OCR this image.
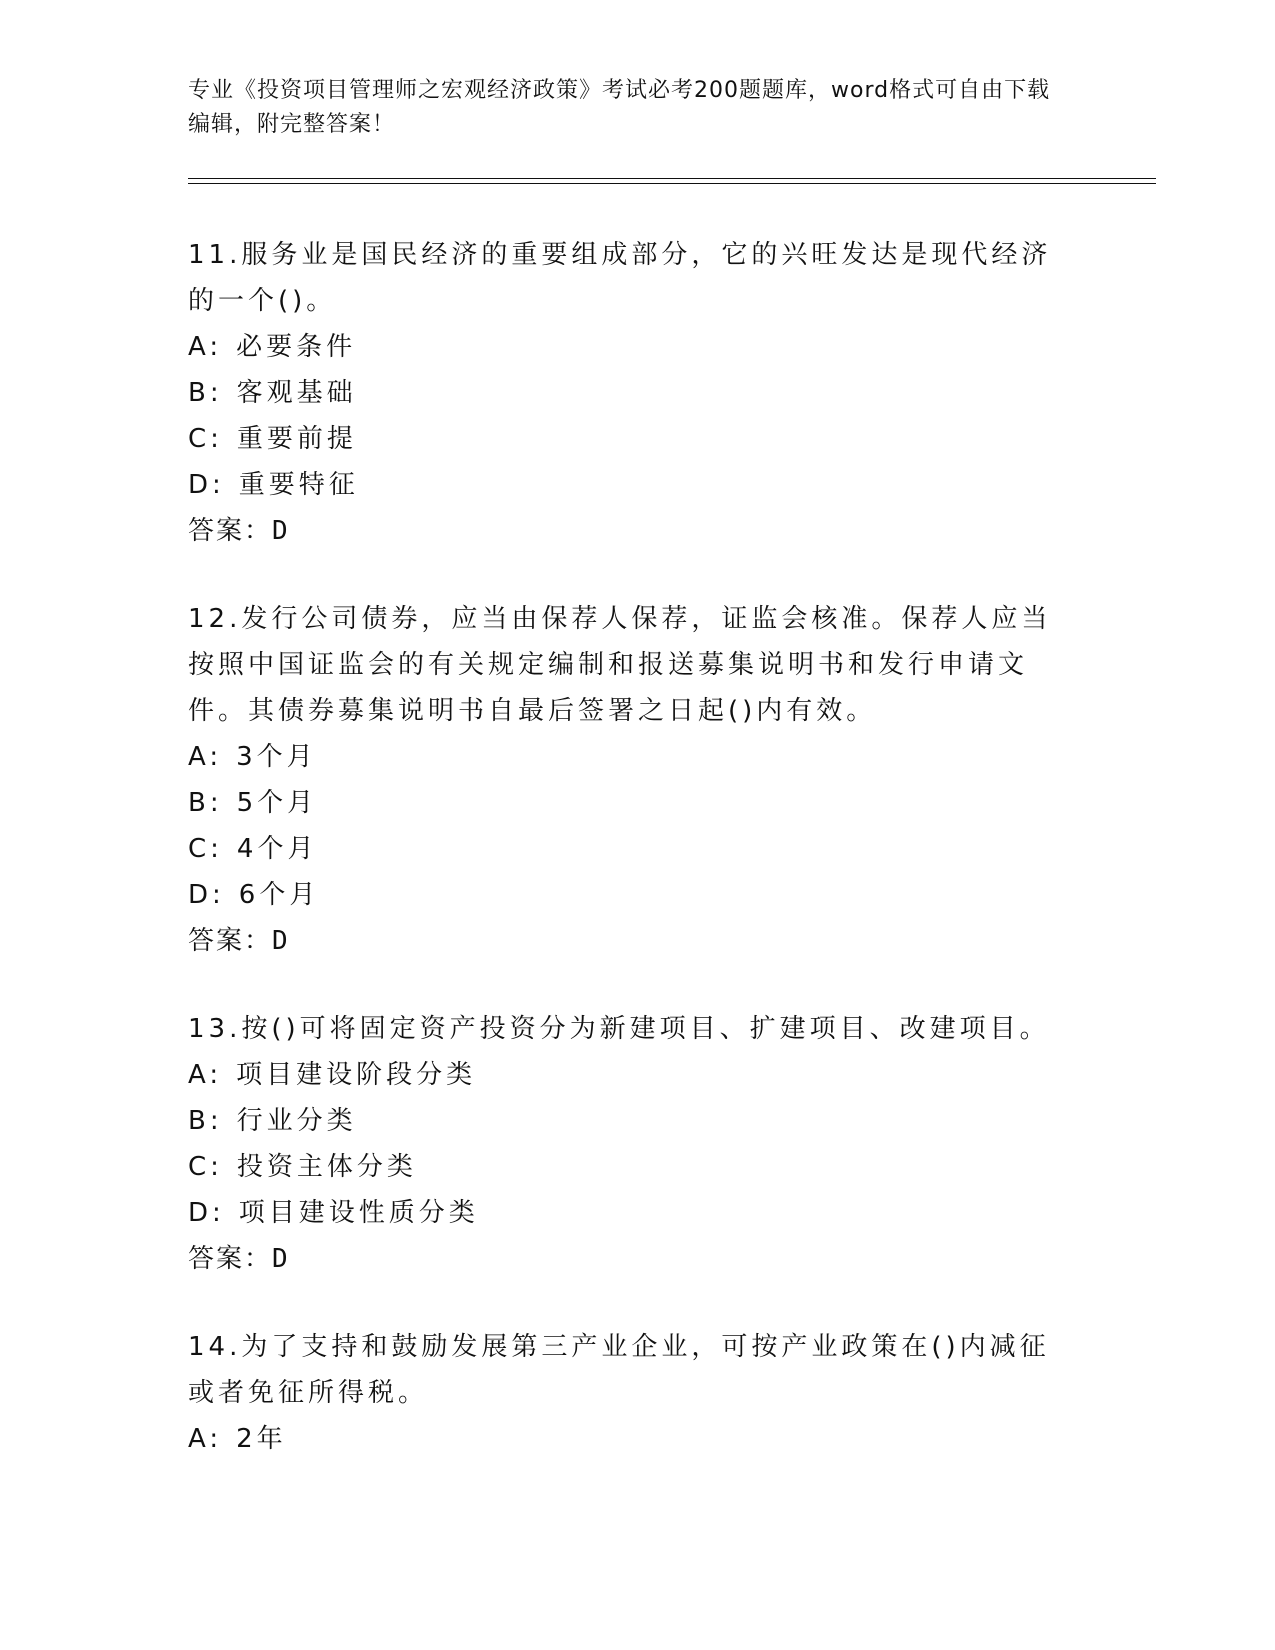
专业《投资项目管理师之宏观经济政策》考试必考200题题库，word格式可自由下载编辑，附完整答案！

11.服务业是国民经济的重要组成部分，它的兴旺发达是现代经济的一个()。

A: 必要条件
B: 客观基础
C: 重要前提
D: 重要特征
答案：D

12.发行公司债券，应当由保荐人保荐，证监会核准。保荐人应当按照中国证监会的有关规定编制和报送募集说明书和发行申请文件。其债券募集说明书自最后签署之日起()内有效。

A: 3个月
B: 5个月
C: 4个月
D: 6个月
答案：D

13.按()可将固定资产投资分为新建项目、扩建项目、改建项目。

A: 项目建设阶段分类
B: 行业分类
C: 投资主体分类
D: 项目建设性质分类
答案：D

14.为了支持和鼓励发展第三产业企业，可按产业政策在()内减征或者免征所得税。

A: 2年
